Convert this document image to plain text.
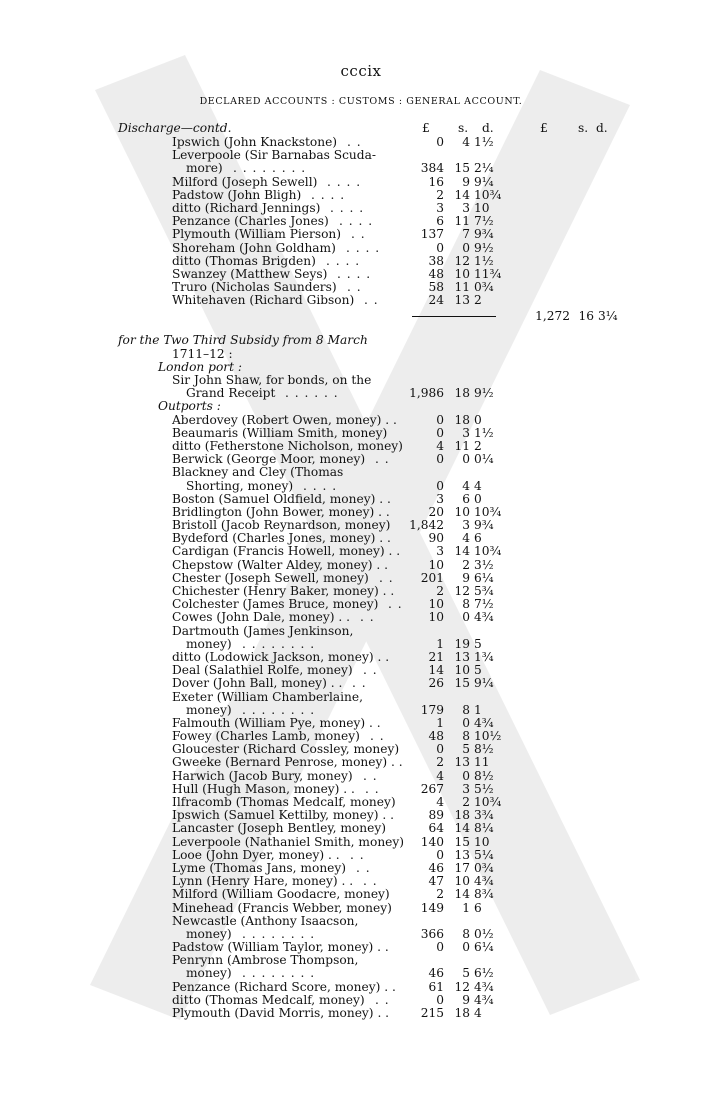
cccix
DECLARED ACCOUNTS : CUSTOMS : GENERAL ACCOUNT.
Discharge—contd.	£ s. d.	£ s. d.
Ipswich (John Knackstone) . .	0	4 1½
Leverpoole (Sir Barnabas Scuda-
more) . . . . . . . .	384 15 2¼
Milford (Joseph Sewell) . . . .	16	9 9¼
Padstow (John Bligh) . . . .	2 14 10¾
ditto (Richard Jennings) . . . .	3	3 10
Penzance (Charles Jones) . . . .	6 11 7½
Plymouth (William Pierson) . .	137	7 9¾
Shoreham (John Goldham) . . . .	0	0 9½
ditto (Thomas Brigden) . . . .	38 12 1½
Swanzey (Matthew Seys) . . . .	48 10 11¾
Truro (Nicholas Saunders) . .	58 11 0¾
Whitehaven (Richard Gibson) . .	24 13 2
1,272 16 3¼
for the Two Third Subsidy from 8 March
1711–12 :
London port :
Sir John Shaw, for bonds, on the
Grand Receipt . . . . . .	1,986 18 9½
Outports :
Aberdovey (Robert Owen, money) . .	0 18 0
Beaumaris (William Smith, money)	0	3 1½
ditto (Fetherstone Nicholson, money)	4 11 2
Berwick (George Moor, money) . .	0	0 0¼
Blackney and Cley (Thomas
Shorting, money) . . . .	0	4 4
Boston (Samuel Oldfield, money) . .	3	6 0
Bridlington (John Bower, money) . .	20 10 10¾
Bristoll (Jacob Reynardson, money)	1,842	3 9¾
Bydeford (Charles Jones, money) . .	90	4 6
Cardigan (Francis Howell, money) . .	3 14 10¾
Chepstow (Walter Aldey, money) . .	10	2 3½
Chester (Joseph Sewell, money) . .	201	9 6¼
Chichester (Henry Baker, money) . .	2 12 5¾
Colchester (James Bruce, money) . .	10	8 7½
Cowes (John Dale, money) . . . .	10	0 4¾
Dartmouth (James Jenkinson,
money) . . . . . . . .	1 19 5
ditto (Lodowick Jackson, money) . .	21 13 1¾
Deal (Salathiel Rolfe, money) . .	14 10 5
Dover (John Ball, money) . . . .	26 15 9¼
Exeter (William Chamberlaine,
money) . . . . . . . .	179	8 1
Falmouth (William Pye, money) . .	1	0 4¾
Fowey (Charles Lamb, money) . .	48	8 10½
Gloucester (Richard Cossley, money)	0	5 8½
Gweeke (Bernard Penrose, money) . .	2 13 11
Harwich (Jacob Bury, money) . .	4	0 8½
Hull (Hugh Mason, money) . . . .	267	3 5½
Ilfracomb (Thomas Medcalf, money)	4	2 10¾
Ipswich (Samuel Kettilby, money) . .	89 18 3¾
Lancaster (Joseph Bentley, money)	64 14 8¼
Leverpoole (Nathaniel Smith, money)	140 15 10
Looe (John Dyer, money) . . . .	0 13 5¼
Lyme (Thomas Jans, money) . .	46 17 0¾
Lynn (Henry Hare, money) . . . .	47 10 4¾
Milford (William Goodacre, money)	2 14 8¾
Minehead (Francis Webber, money)	149	1 6
Newcastle (Anthony Isaacson,
money) . . . . . . . .	366	8 0½
Padstow (William Taylor, money) . .	0	0 6¼
Penrynn (Ambrose Thompson,
money) . . . . . . . .	46	5 6½
Penzance (Richard Score, money) . .	61 12 4¾
ditto (Thomas Medcalf, money) . .	0	9 4¾
Plymouth (David Morris, money) . .	215 18 4
